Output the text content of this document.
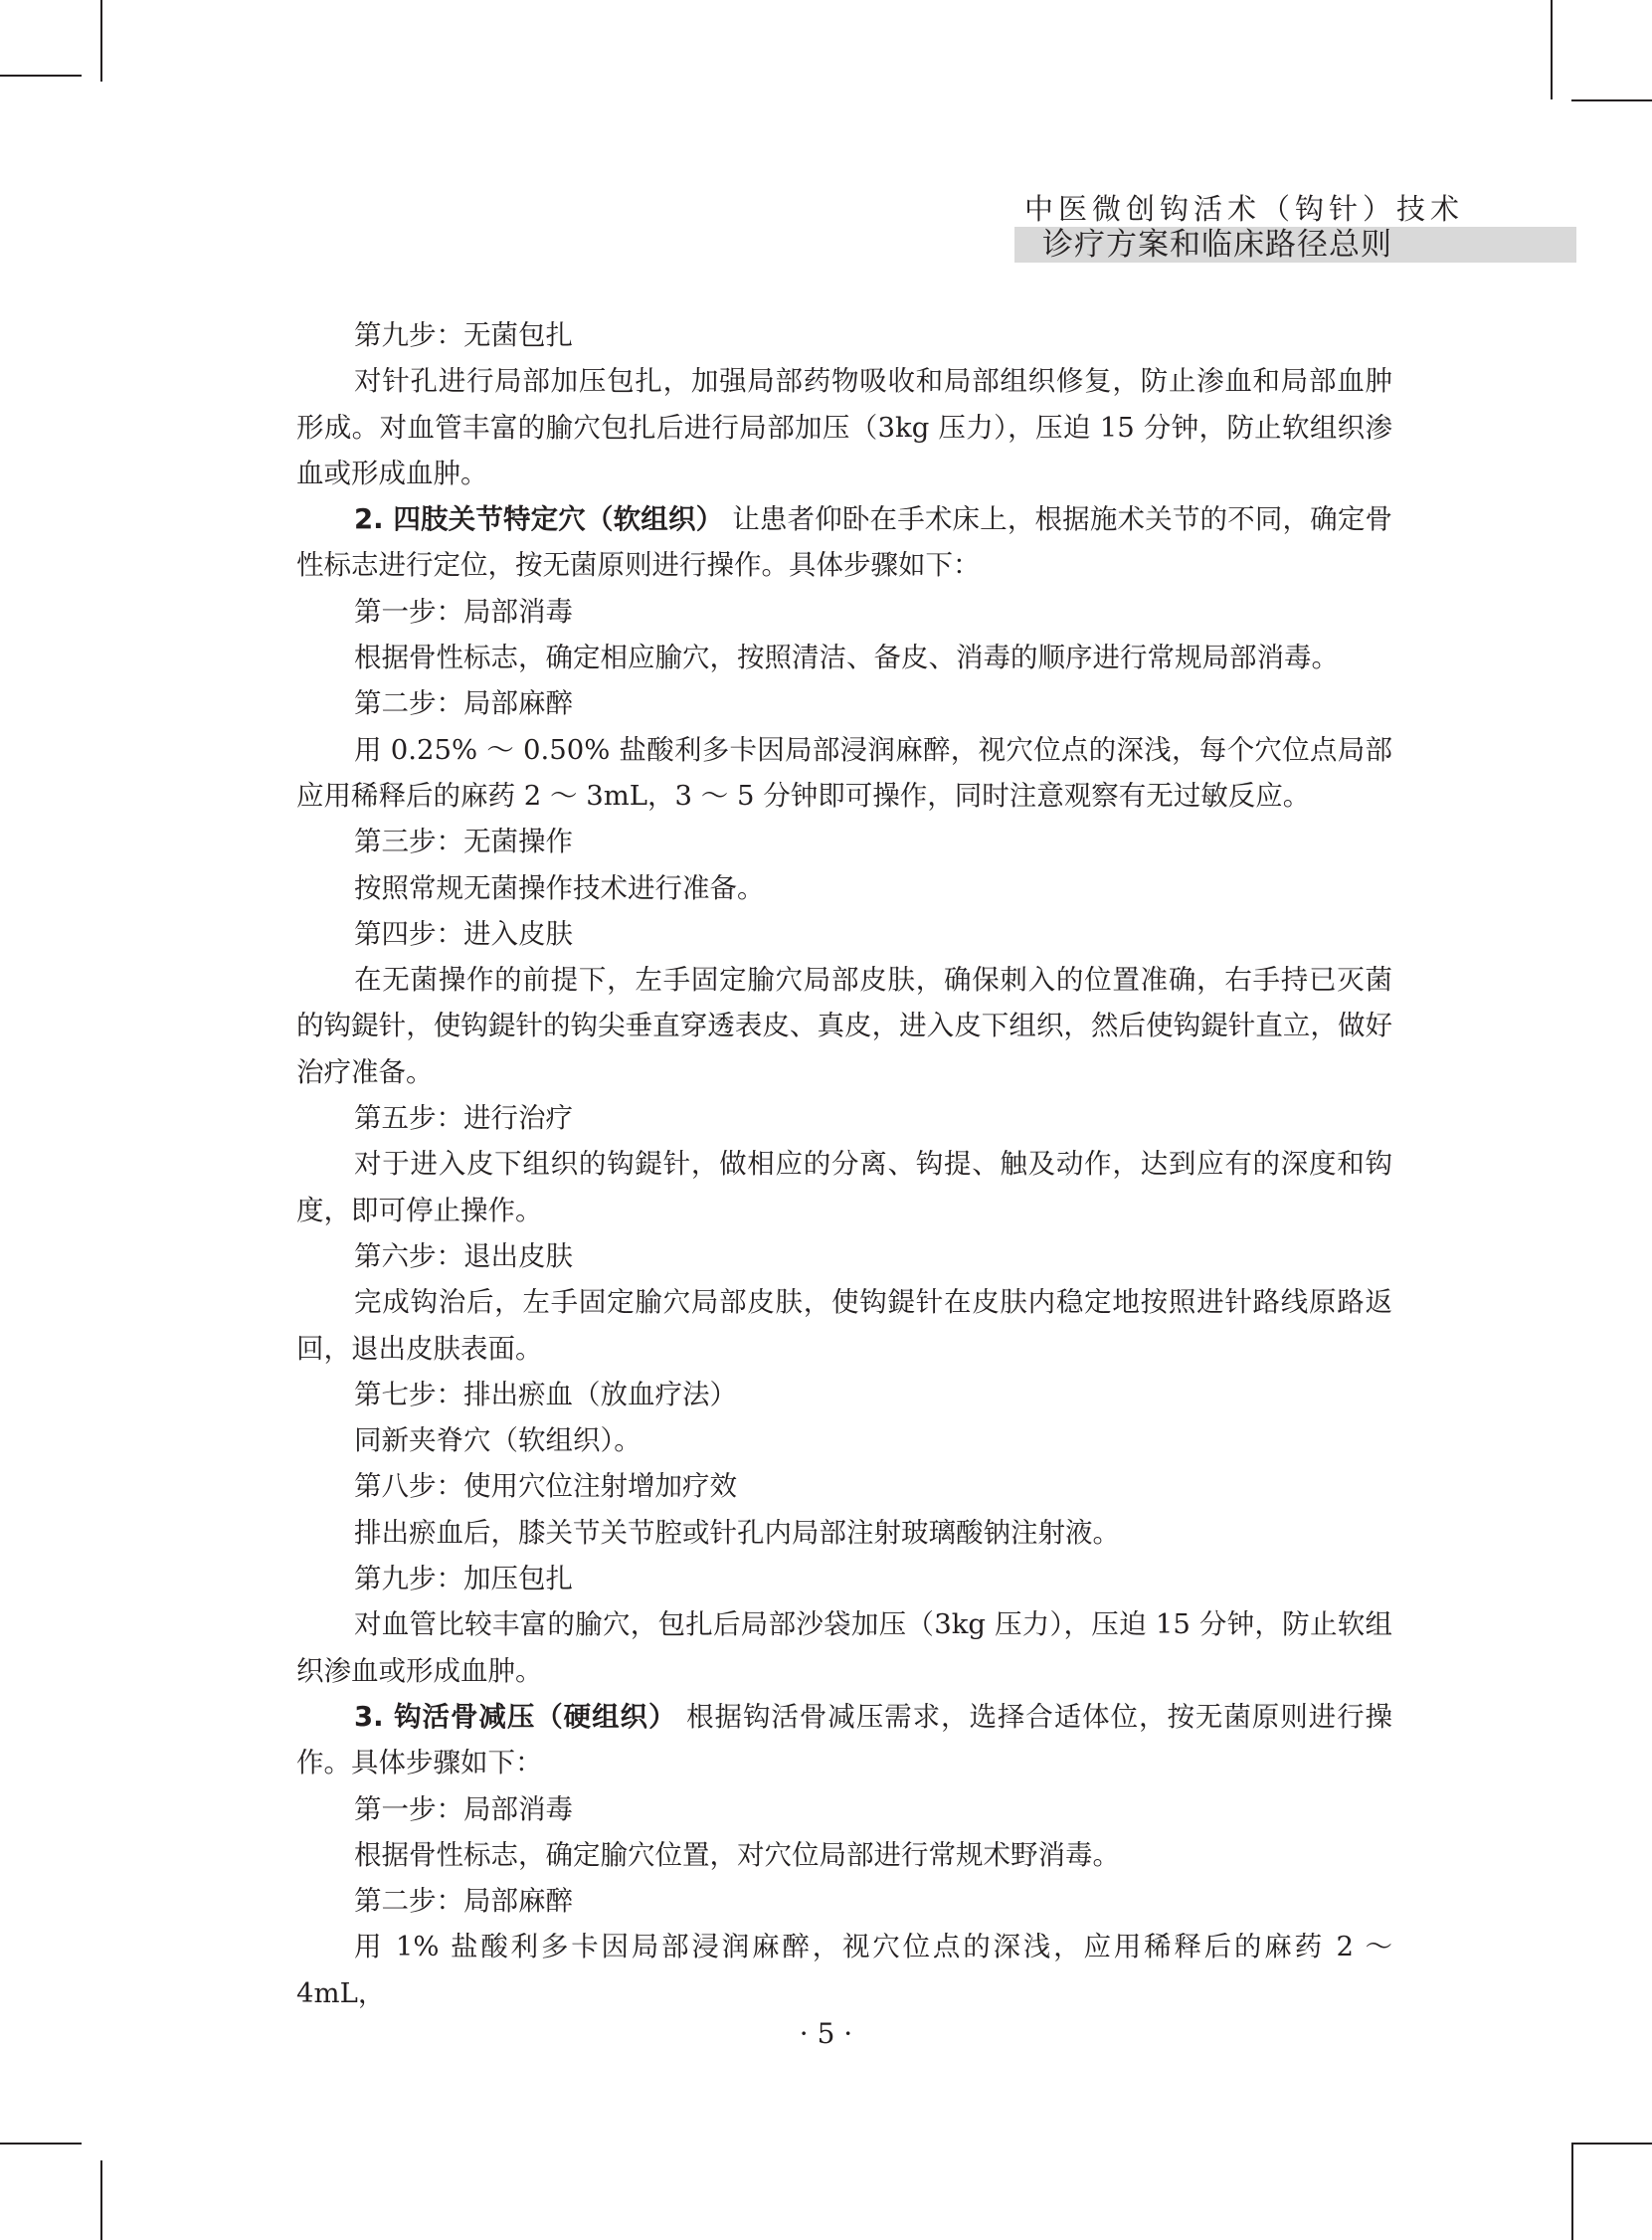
中医微创钩活术（钩针）技术
诊疗方案和临床路径总则

第九步：无菌包扎

对针孔进行局部加压包扎，加强局部药物吸收和局部组织修复，防止渗血和局部血肿形成。对血管丰富的腧穴包扎后进行局部加压（3kg 压力），压迫 15 分钟，防止软组织渗血或形成血肿。

2. 四肢关节特定穴（软组织） 让患者仰卧在手术床上，根据施术关节的不同，确定骨性标志进行定位，按无菌原则进行操作。具体步骤如下：

第一步：局部消毒

根据骨性标志，确定相应腧穴，按照清洁、备皮、消毒的顺序进行常规局部消毒。

第二步：局部麻醉

用 0.25% ～ 0.50% 盐酸利多卡因局部浸润麻醉，视穴位点的深浅，每个穴位点局部应用稀释后的麻药 2 ～ 3mL，3 ～ 5 分钟即可操作，同时注意观察有无过敏反应。

第三步：无菌操作

按照常规无菌操作技术进行准备。

第四步：进入皮肤

在无菌操作的前提下，左手固定腧穴局部皮肤，确保刺入的位置准确，右手持已灭菌的钩鍉针，使钩鍉针的钩尖垂直穿透表皮、真皮，进入皮下组织，然后使钩鍉针直立，做好治疗准备。

第五步：进行治疗

对于进入皮下组织的钩鍉针，做相应的分离、钩提、触及动作，达到应有的深度和钩度，即可停止操作。

第六步：退出皮肤

完成钩治后，左手固定腧穴局部皮肤，使钩鍉针在皮肤内稳定地按照进针路线原路返回，退出皮肤表面。

第七步：排出瘀血（放血疗法）

同新夹脊穴（软组织）。

第八步：使用穴位注射增加疗效

排出瘀血后，膝关节关节腔或针孔内局部注射玻璃酸钠注射液。

第九步：加压包扎

对血管比较丰富的腧穴，包扎后局部沙袋加压（3kg 压力），压迫 15 分钟，防止软组织渗血或形成血肿。

3. 钩活骨减压（硬组织） 根据钩活骨减压需求，选择合适体位，按无菌原则进行操作。具体步骤如下：

第一步：局部消毒

根据骨性标志，确定腧穴位置，对穴位局部进行常规术野消毒。

第二步：局部麻醉

用 1% 盐酸利多卡因局部浸润麻醉，视穴位点的深浅，应用稀释后的麻药 2 ～ 4mL，

· 5 ·
